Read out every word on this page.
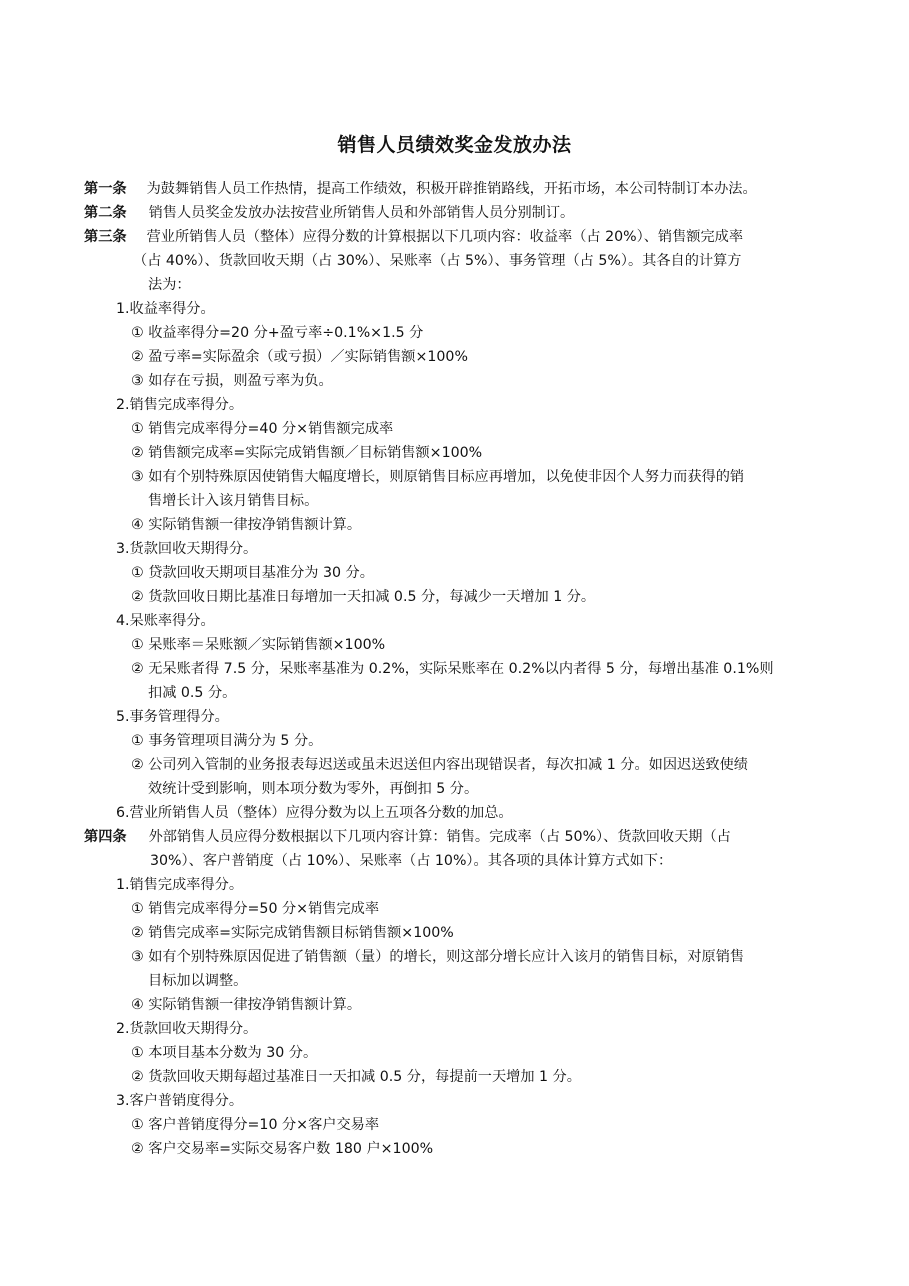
销售人员绩效奖金发放办法
第一条 为鼓舞销售人员工作热情，提高工作绩效，积极开辟推销路线，开拓市场，本公司特制订本办法。
第二条 销售人员奖金发放办法按营业所销售人员和外部销售人员分别制订。
第三条 营业所销售人员（整体）应得分数的计算根据以下几项内容：收益率（占 20%）、销售额完成率
（占 40%）、货款回收天期（占 30%）、呆账率（占 5%）、事务管理（占 5%）。其各自的计算方
法为：
1.收益率得分。
① 收益率得分=20 分+盈亏率÷0.1%×1.5 分
② 盈亏率=实际盈余（或亏损）／实际销售额×100%
③ 如存在亏损，则盈亏率为负。
2.销售完成率得分。
① 销售完成率得分=40 分×销售额完成率
② 销售额完成率=实际完成销售额／目标销售额×100%
③ 如有个别特殊原因使销售大幅度增长，则原销售目标应再增加，以免使非因个人努力而获得的销
售增长计入该月销售目标。
④ 实际销售额一律按净销售额计算。
3.货款回收天期得分。
① 贷款回收天期项目基准分为 30 分。
② 货款回收日期比基准日每增加一天扣减 0.5 分，每减少一天增加 1 分。
4.呆账率得分。
① 呆账率＝呆账额／实际销售额×100%
② 无呆账者得 7.5 分，呆账率基准为 0.2%，实际呆账率在 0.2%以内者得 5 分，每增出基准 0.1%则
扣减 0.5 分。
5.事务管理得分。
① 事务管理项目满分为 5 分。
② 公司列入管制的业务报表每迟送或虽未迟送但内容出现错误者，每次扣减 1 分。如因迟送致使绩
效统计受到影响，则本项分数为零外，再倒扣 5 分。
6.营业所销售人员（整体）应得分数为以上五项各分数的加总。
第四条 外部销售人员应得分数根据以下几项内容计算：销售。完成率（占 50%）、货款回收天期（占
30%）、客户普销度（占 10%）、呆账率（占 10%）。其各项的具体计算方式如下：
1.销售完成率得分。
① 销售完成率得分=50 分×销售完成率
② 销售完成率=实际完成销售额目标销售额×100%
③ 如有个别特殊原因促进了销售额（量）的增长，则这部分增长应计入该月的销售目标，对原销售
目标加以调整。
④ 实际销售额一律按净销售额计算。
2.货款回收天期得分。
① 本项目基本分数为 30 分。
② 货款回收天期每超过基准日一天扣减 0.5 分，每提前一天增加 1 分。
3.客户普销度得分。
① 客户普销度得分=10 分×客户交易率
② 客户交易率=实际交易客户数 180 户×100%
